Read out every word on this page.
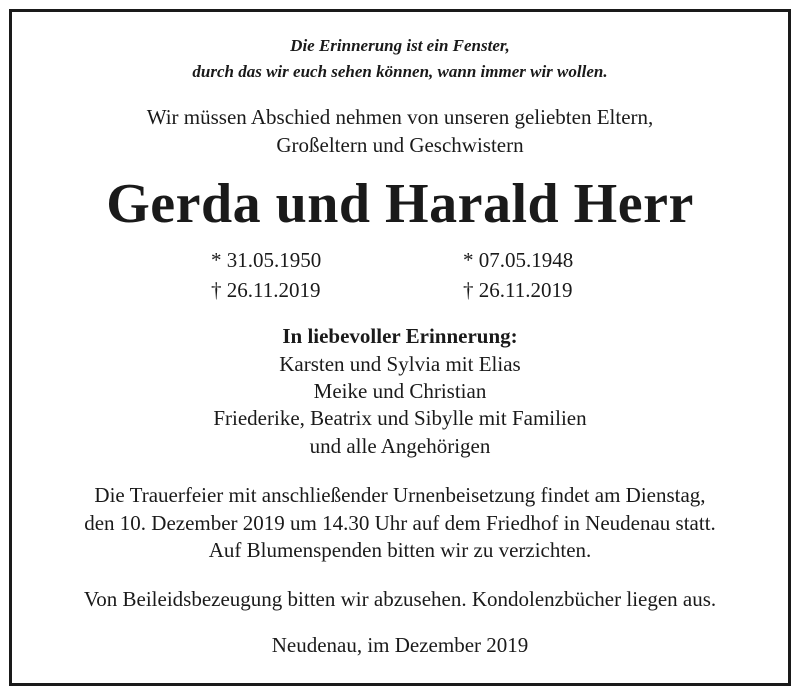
Die Erinnerung ist ein Fenster,
durch das wir euch sehen können, wann immer wir wollen.
Wir müssen Abschied nehmen von unseren geliebten Eltern,
Großeltern und Geschwistern
Gerda und Harald Herr
* 31.05.1950
† 26.11.2019
* 07.05.1948
† 26.11.2019
In liebevoller Erinnerung:
Karsten und Sylvia mit Elias
Meike und Christian
Friederike, Beatrix und Sibylle mit Familien
und alle Angehörigen
Die Trauerfeier mit anschließender Urnenbeisetzung findet am Dienstag,
den 10. Dezember 2019 um 14.30 Uhr auf dem Friedhof in Neudenau statt.
Auf Blumenspenden bitten wir zu verzichten.
Von Beileidsbezeugung bitten wir abzusehen. Kondolenzbücher liegen aus.
Neudenau, im Dezember 2019
